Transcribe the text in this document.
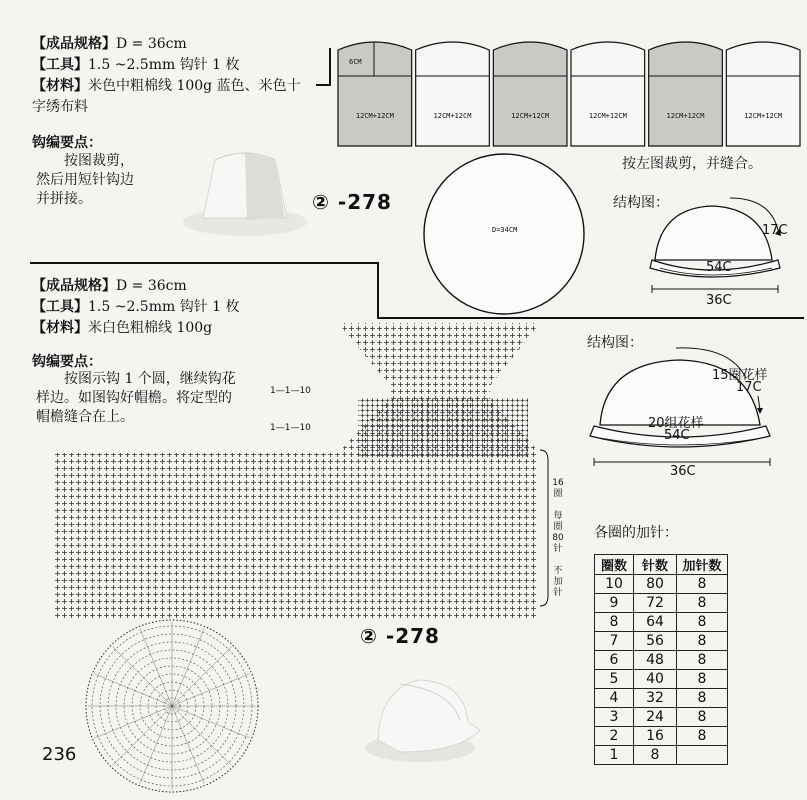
【成品规格】D = 36cm
【工具】1.5 ~2.5mm 钩针 1 枚
【材料】米色中粗棉线 100g 蓝色、米色十
字绣布料
钩编要点：
按图裁剪，
然后用短针钩边
并拼接。
6CM
12CM+12CM	12CM+12CM	12CM+12CM	12CM+12CM	12CM+12CM	12CM+12CM
按左图裁剪，并缝合。
D=34CM
② -278	结构图：
17C
54C
36C
【成品规格】D = 36cm
【工具】1.5 ~2.5mm 钩针 1 枚
【材料】米白色粗棉线 100g
钩编要点：
按图示钩 1 个圆，继续钩花
样边。如图钩好帽檐。将定型的
帽檐缝合在上。
1—1—10
1—1—10
16
圈

每
圈
80
针

不
加
针
② -278
结构图：
15圈花样
17C
20组花样
54C
36C
各圈的加针：
圈数	针数	加针数
10	80	8
9	72	8
8	64	8
7	56	8
6	48	8
5	40	8
4	32	8
3	24	8
2	16	8
1	8	
236
